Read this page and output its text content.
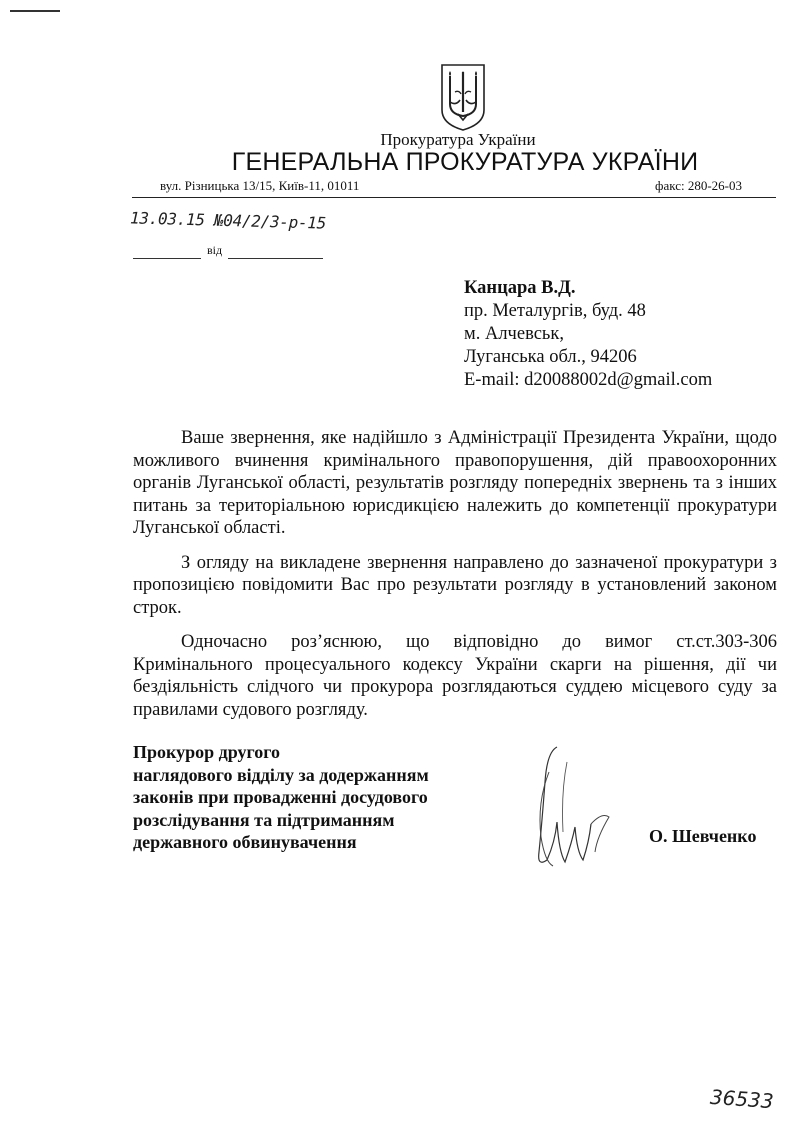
Прокуратура України
ГЕНЕРАЛЬНА ПРОКУРАТУРА УКРАЇНИ
вул. Різницька 13/15, Київ-11, 01011	факс: 280-26-03
13.03.15 №04/2/3-р-15
від
Канцара В.Д.
пр. Металургів, буд. 48
м. Алчевськ,
Луганська обл., 94206
E-mail: d20088002d@gmail.com

Ваше звернення, яке надійшло з Адміністрації Президента України, щодо можливого вчинення кримінального правопорушення, дій правоохоронних органів Луганської області, результатів розгляду попередніх звернень та з інших питань за територіальною юрисдикцією належить до компетенції прокуратури Луганської області.

З огляду на викладене звернення направлено до зазначеної прокуратури з пропозицією повідомити Вас про результати розгляду в установлений законом строк.

Одночасно роз’яснюю, що відповідно до вимог ст.ст.303-306 Кримінального процесуального кодексу України скарги на рішення, дії чи бездіяльність слідчого чи прокурора розглядаються суддею місцевого суду за правилами судового розгляду.

Прокурор другого
наглядового відділу за додержанням
законів при провадженні досудового
розслідування та підтриманням
державного обвинувачення	О. Шевченко
36533
